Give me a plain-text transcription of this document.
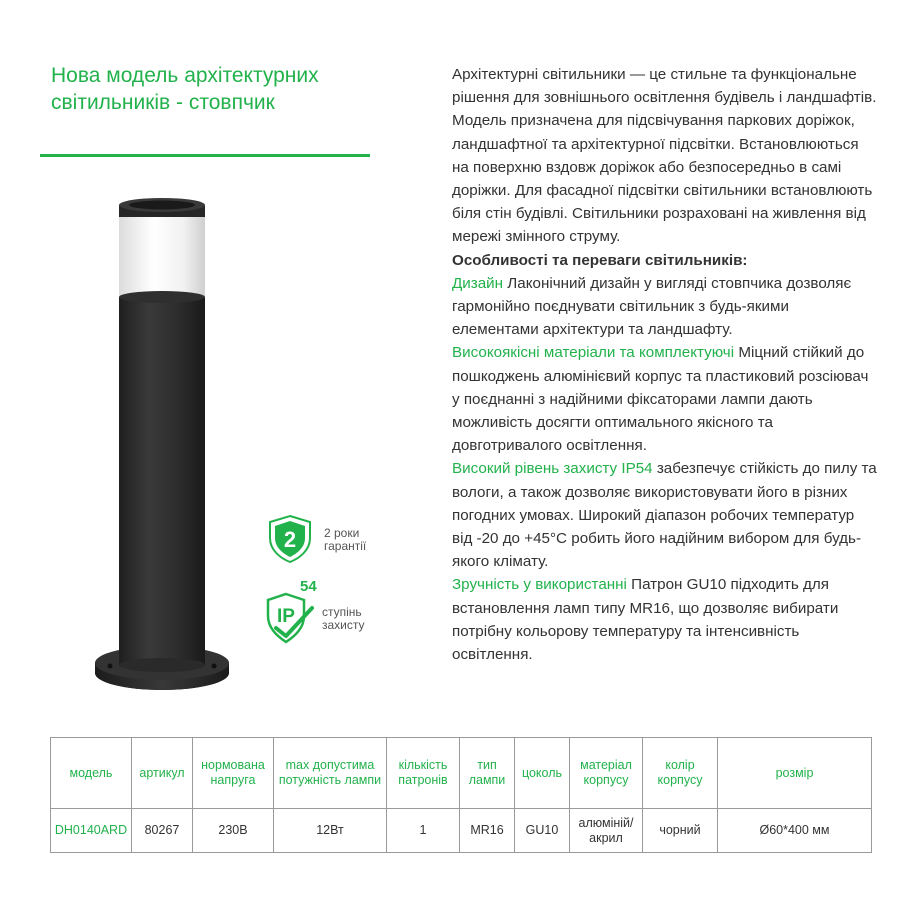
Нова модель архітектурних
світильників - стовпчик
2 2 роки
гарантії
54
IP ступінь
захисту

Архітектурні світильники — це стильне та функціональне рішення для зовнішнього освітлення будівель і ландшафтів.

Модель призначена для підсвічування паркових доріжок, ландшафтної та архітектурної підсвітки. Встановлюються на поверхню вздовж доріжок або безпосередньо в самі доріжки. Для фасадної підсвітки світильники встановлюють біля стін будівлі. Світильники розраховані на живлення від мережі змінного струму.

Особливості та переваги світильників:

Дизайн Лаконічний дизайн у вигляді стовпчика дозволяє гармонійно поєднувати світильник з будь-якими елементами архітектури та ландшафту.

Високоякісні матеріали та комплектуючі Міцний стійкий до пошкоджень алюмінієвий корпус та пластиковий розсіювач у поєднанні з надійними фіксаторами лампи дають можливість досягти оптимального якісного та довготривалого освітлення.

Високий рівень захисту IP54 забезпечує стійкість до пилу та вологи, а також дозволяє використовувати його в різних погодних умовах. Широкий діапазон робочих температур від -20 до +45°C робить його надійним вибором для будь-якого клімату.

Зручність у використанні Патрон GU10 підходить для встановлення ламп типу MR16, що дозволяє вибирати потрібну кольорову температуру та інтенсивність освітлення.

модель	артикул	нормована напруга	max допустима потужність лампи	кількість патронів	тип лампи	цоколь	матеріал корпусу	колір корпусу	розмір
DH0140ARD	80267	230В	12Вт	1	MR16	GU10	алюміній/ акрил	чорний	Ø60*400 мм
